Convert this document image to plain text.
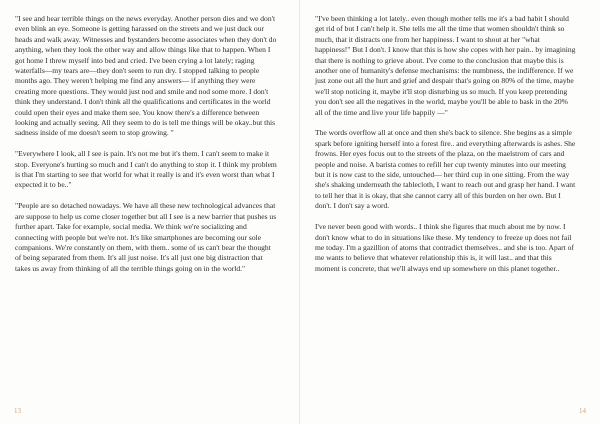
"I see and hear terrible things on the news everyday. Another person dies and we don't even blink an eye. Someone is getting harassed on the streets and we just duck our heads and walk away. Witnesses and bystanders become associates when they don't do anything, when they look the other way and allow things like that to happen. When I got home I threw myself into bed and cried. I've been crying a lot lately; raging waterfalls—my tears are—they don't seem to run dry. I stopped talking to people months ago. They weren't helping me find any answers— if anything they were creating more questions. They would just nod and smile and nod some more. I don't think they understand. I don't think all the qualifications and certificates in the world could open their eyes and make them see. You know there's a difference between looking and actually seeing. All they seem to do is tell me things will be okay..but this sadness inside of me doesn't seem to stop growing. "

"Everywhere I look, all I see is pain. It's not me but it's them. I can't seem to make it stop. Everyone's hurting so much and I can't do anything to stop it. I think my problem is that I'm starting to see that world for what it really is and it's even worst than what I expected it to be.."

"People are so detached nowadays. We have all these new technological advances that are suppose to help us come closer together but all I see is a new barrier that pushes us further apart. Take for example, social media. We think we're socializing and connecting with people but we're not. It's like smartphones are becoming our sole companions. We're constantly on them, with them.. some of us can't bear the thought of being separated from them. It's all just noise. It's all just one big distraction that takes us away from thinking of all the terrible things going on in the world."

13

"I've been thinking a lot lately.. even though mother tells me it's a bad habit I should get rid of but I can't help it. She tells me all the time that women shouldn't think so much, that it distracts one from her happiness. I want to shout at her "what happiness!" But I don't. I know that this is how she copes with her pain.. by imagining that there is nothing to grieve about. I've come to the conclusion that maybe this is another one of humanity's defense mechanisms: the numbness, the indifference. If we just zone out all the hurt and grief and despair that's going on 80% of the time, maybe we'll stop noticing it, maybe it'll stop disturbing us so much. If you keep pretending you don't see all the negatives in the world, maybe you'll be able to bask in the 20% all of the time and live your life happily —"

The words overflow all at once and then she's back to silence. She begins as a simple spark before igniting herself into a forest fire.. and everything afterwards is ashes. She frowns. Her eyes focus out to the streets of the plaza, on the maelstrom of cars and people and noise. A barista comes to refill her cup twenty minutes into our meeting but it is now cast to the side, untouched— her third cup in one sitting. From the way she's shaking underneath the tablecloth, I want to reach out and grasp her hand. I want to tell her that it is okay, that she cannot carry all of this burden on her own. But I don't. I don't say a word.

I've never been good with words.. I think she figures that much about me by now. I don't know what to do in situations like these. My tendency to freeze up does not fail me today. I'm a gazillion of atoms that contradict themselves.. and she is too. Apart of me wants to believe that whatever relationship this is, it will last.. and that this moment is concrete, that we'll always end up somewhere on this planet together..

14
